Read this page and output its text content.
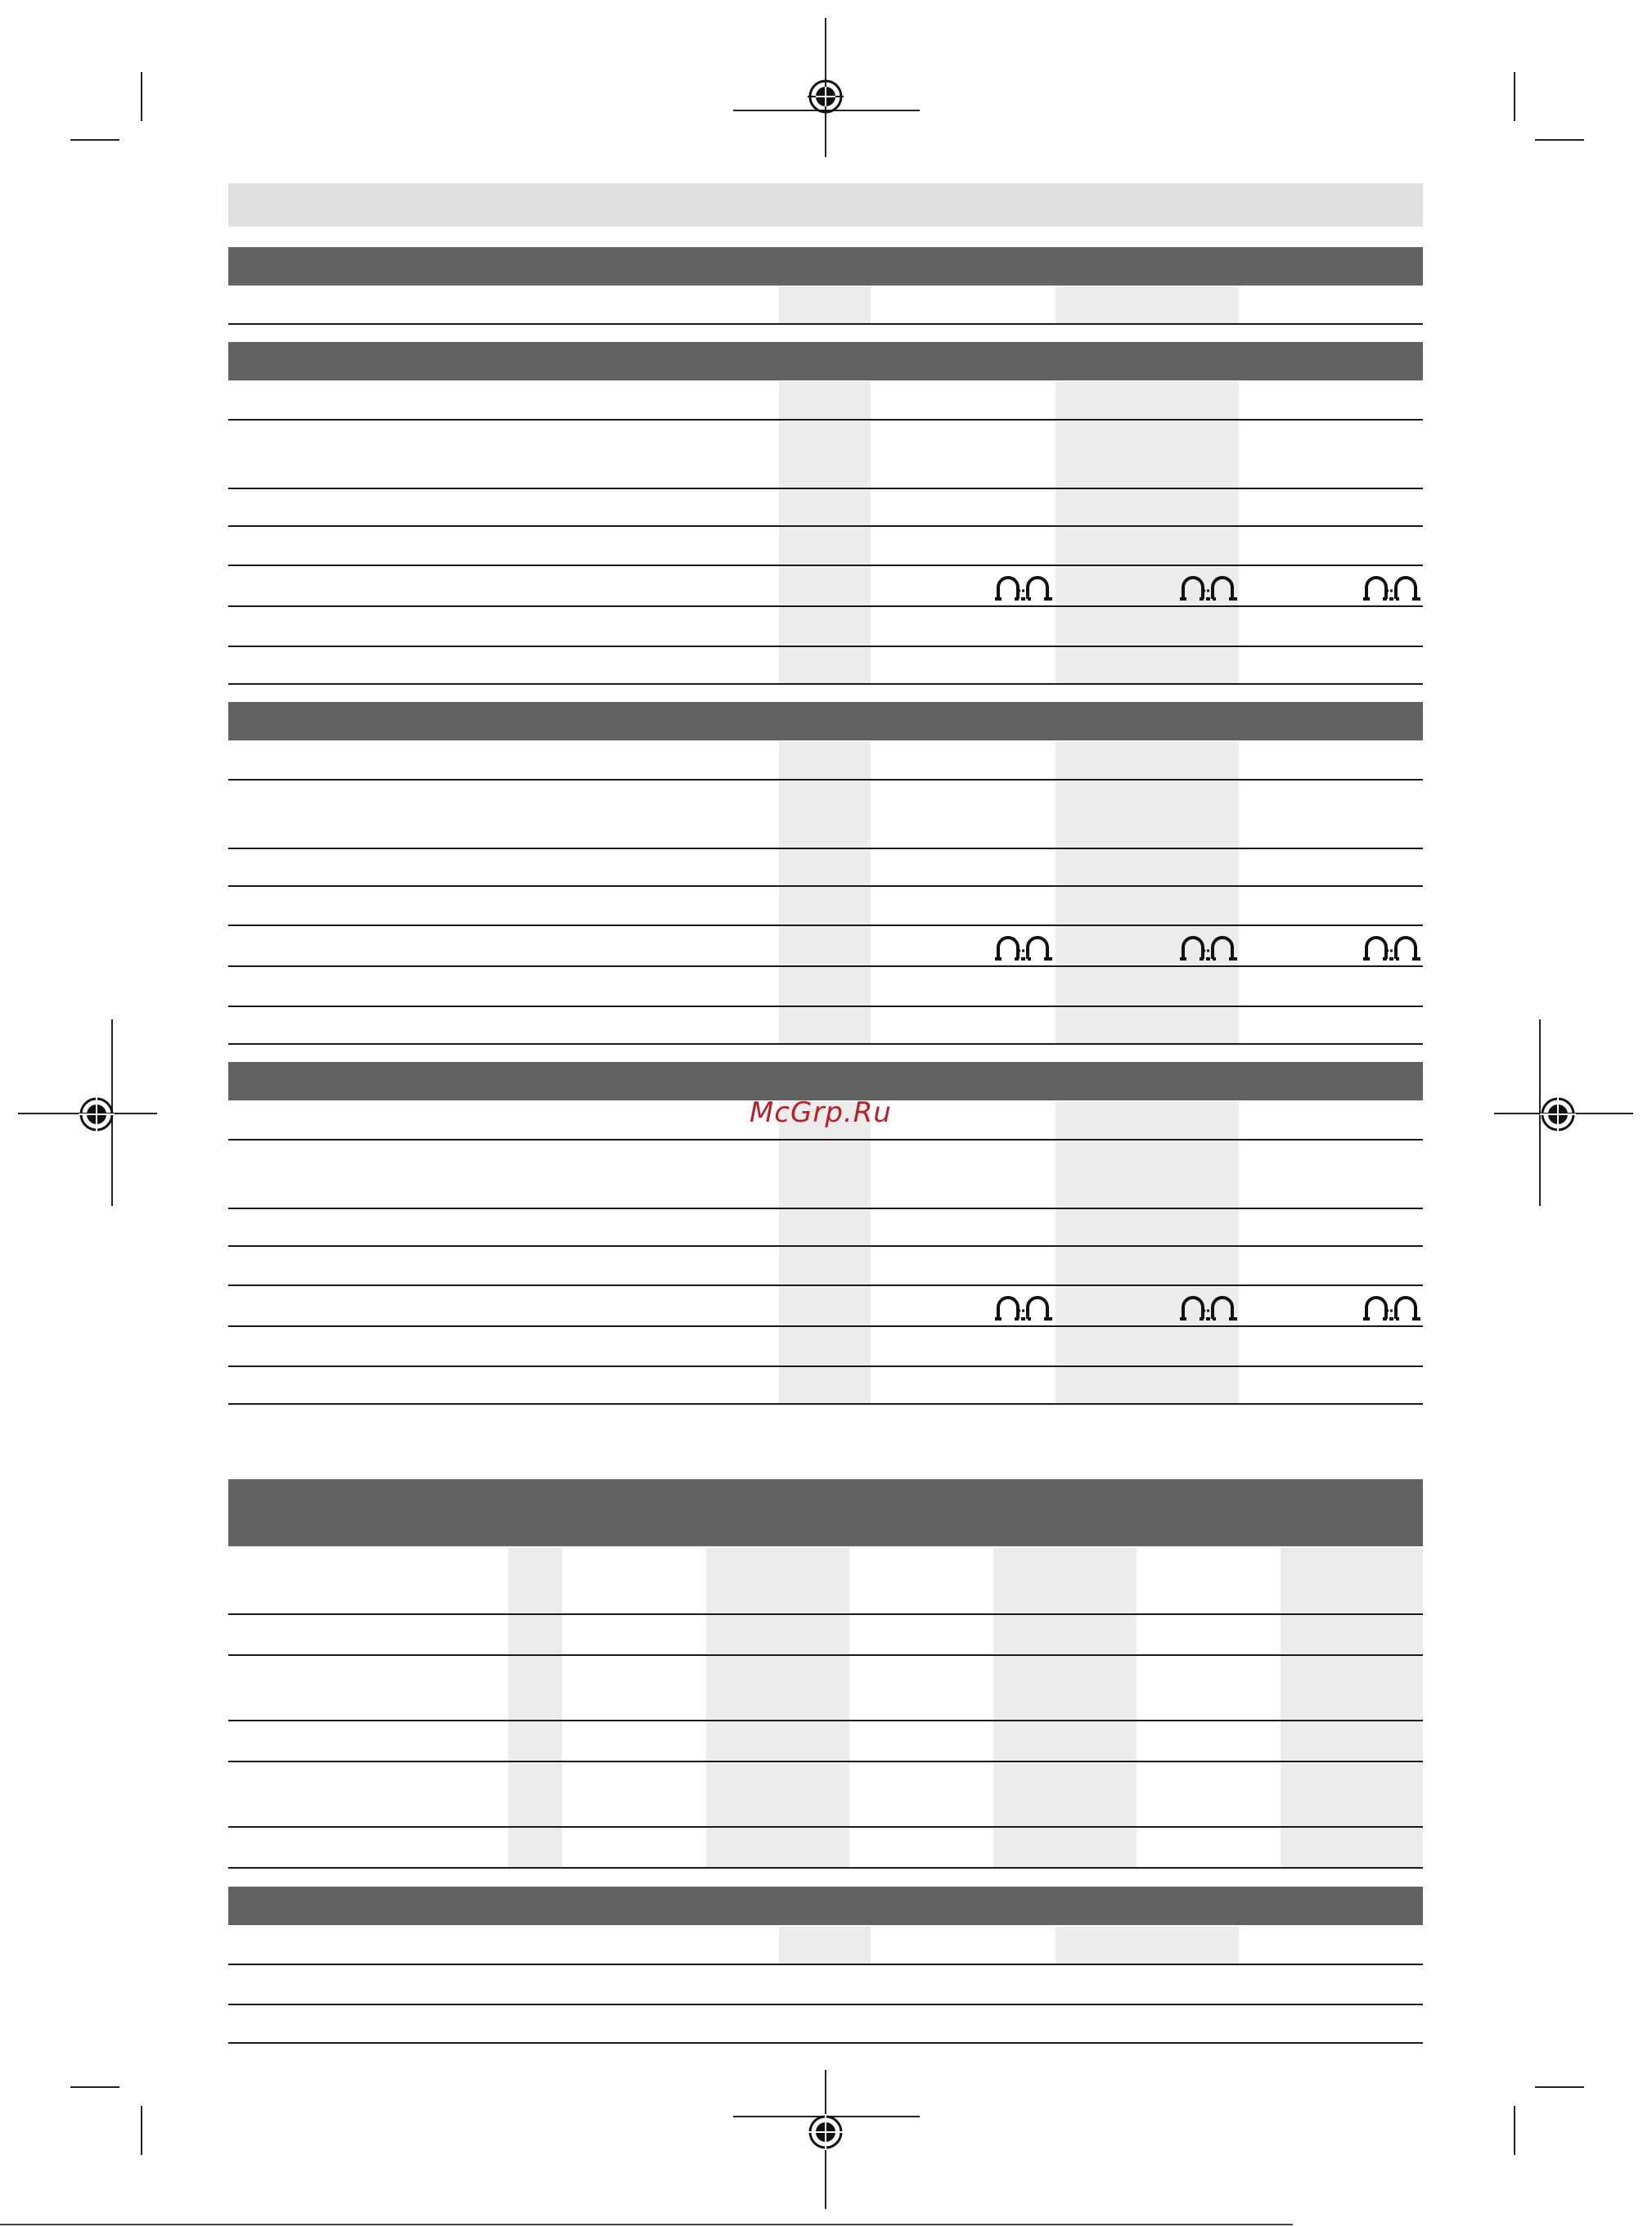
McGrp.Ru
